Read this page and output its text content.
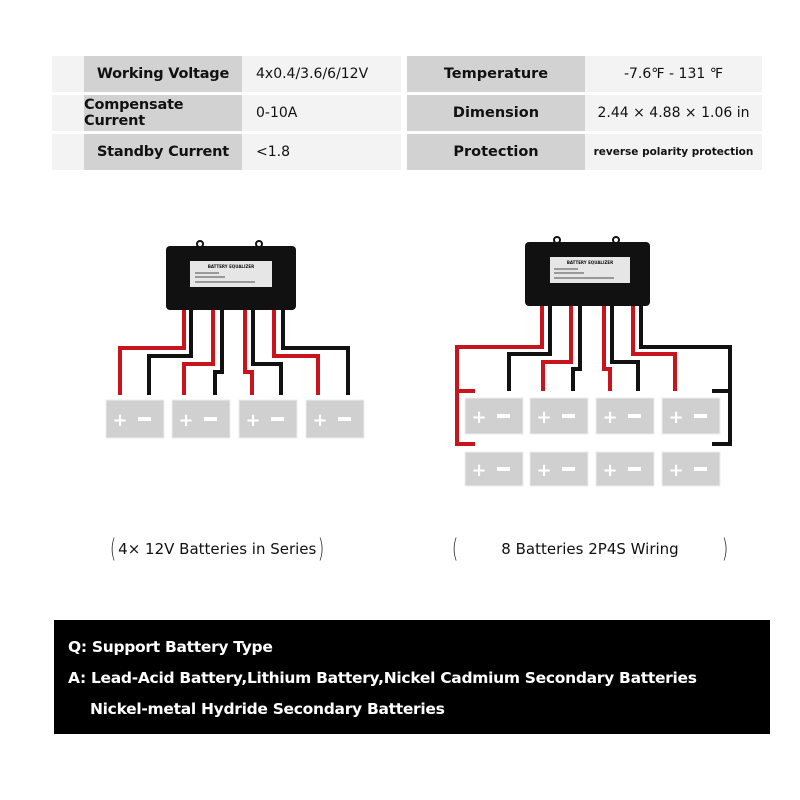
Working Voltage	4x0.4/3.6/6/12V	Temperature	-7.6℉ - 131 ℉
Compensate Current	0-10A	Dimension	2.44 × 4.88 × 1.06 in
Standby Current	<1.8	Protection	reverse polarity protection
BATTERY EQUALIZER
+	+	+	+
BATTERY EQUALIZER
+	+	+	+
+	+	+	+
( 4× 12V Batteries in Series )	(	8 Batteries 2P4S Wiring )
Q: Support Battery Type
A: Lead-Acid Battery,Lithium Battery,Nickel Cadmium Secondary Batteries
Nickel-metal Hydride Secondary Batteries
